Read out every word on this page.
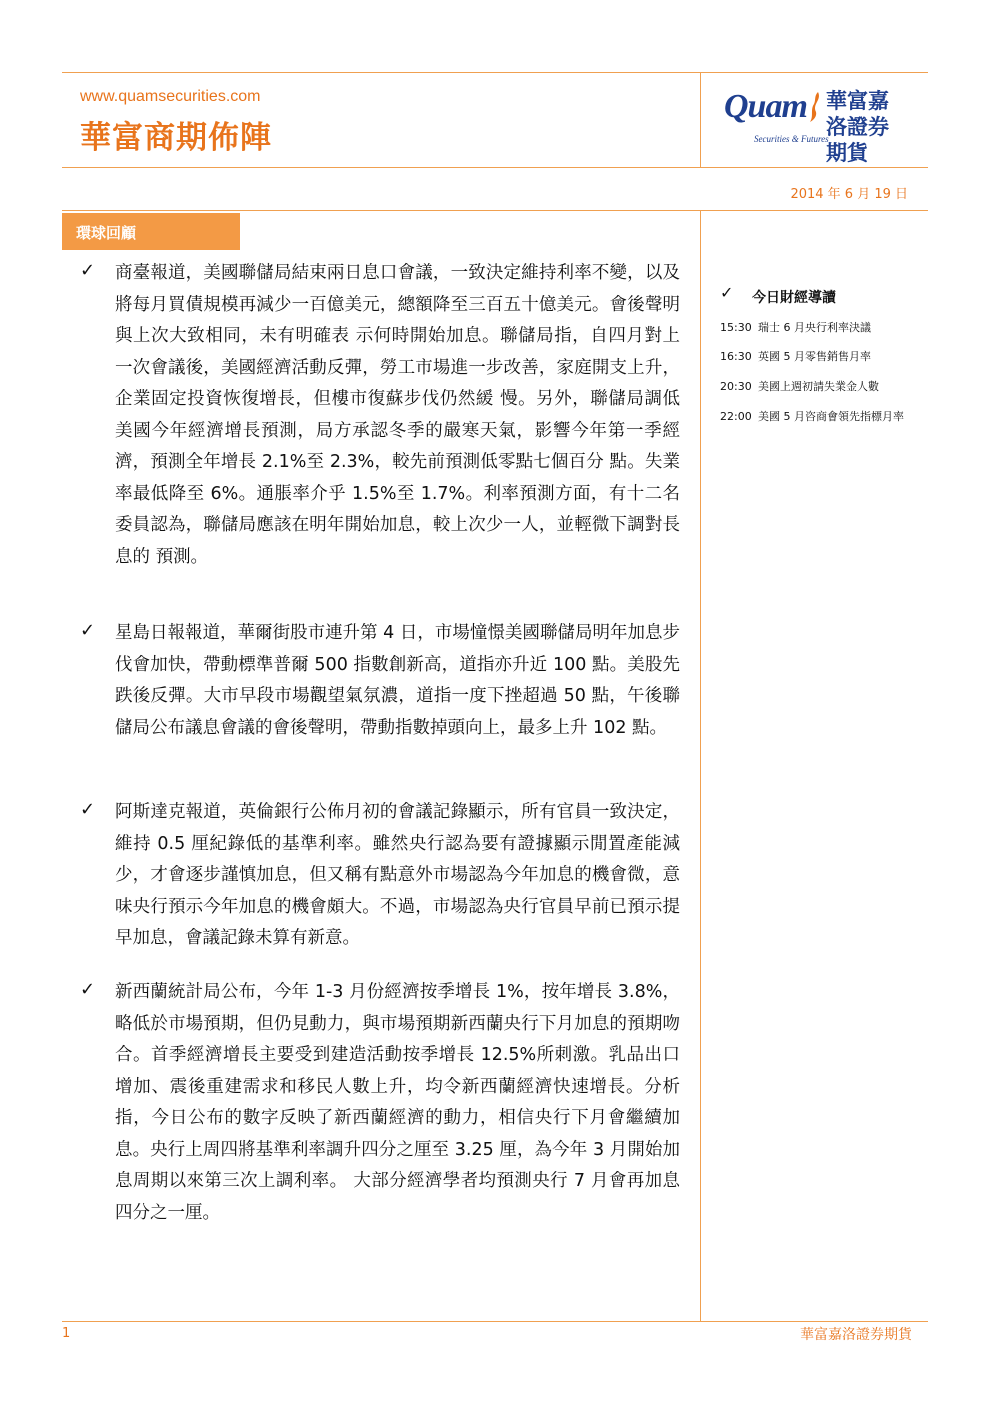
www.quamsecurities.com
華富商期佈陣
Quam
Securities & Futures
華富嘉洛證券期貨
2014 年 6 月 19 日
環球回顧
✓ 商臺報道，美國聯儲局結束兩日息口會議，一致決定維持利率不變，以及將每月買債規模再減少一百億美元，總額降至三百五十億美元。會後聲明與上次大致相同，未有明確表 示何時開始加息。聯儲局指，自四月對上一次會議後，美國經濟活動反彈，勞工市場進一步改善，家庭開支上升，企業固定投資恢復增長，但樓市復蘇步伐仍然緩 慢。另外，聯儲局調低美國今年經濟增長預測，局方承認冬季的嚴寒天氣，影響今年第一季經濟，預測全年增長 2.1%至 2.3%，較先前預測低零點七個百分 點。失業率最低降至 6%。通脹率介乎 1.5%至 1.7%。利率預測方面，有十二名委員認為，聯儲局應該在明年開始加息，較上次少一人，並輕微下調對長息的 預測。

✓ 星島日報報道，華爾街股市連升第 4 日，市場憧憬美國聯儲局明年加息步伐會加快，帶動標準普爾 500 指數創新高，道指亦升近 100 點。美股先跌後反彈。大市早段市場觀望氣氛濃，道指一度下挫超過 50 點，午後聯儲局公布議息會議的會後聲明，帶動指數掉頭向上，最多上升 102 點。

✓ 阿斯達克報道，英倫銀行公佈月初的會議記錄顯示，所有官員一致決定，維持 0.5 厘紀錄低的基準利率。雖然央行認為要有證據顯示閒置產能減少，才會逐步謹慎加息，但又稱有點意外市場認為今年加息的機會微，意味央行預示今年加息的機會頗大。不過，市場認為央行官員早前已預示提早加息，會議記錄未算有新意。

✓ 新西蘭統計局公布，今年 1-3 月份經濟按季增長 1%，按年增長 3.8%，略低於市場預期，但仍見動力，與市場預期新西蘭央行下月加息的預期吻合。首季經濟增長主要受到建造活動按季增長 12.5%所刺激。乳品出口增加、震後重建需求和移民人數上升，均令新西蘭經濟快速增長。分析指，今日公布的數字反映了新西蘭經濟的動力，相信央行下月會繼續加息。央行上周四將基準利率調升四分之厘至 3.25 厘，為今年 3 月開始加息周期以來第三次上調利率。 大部分經濟學者均預測央行 7 月會再加息四分之一厘。

✓ 今日財經導讀
15:30 瑞士 6 月央行利率決議
16:30 英國 5 月零售銷售月率
20:30 美國上週初請失業金人數
22:00 美國 5 月咨商會領先指標月率
1	華富嘉洛證券期貨
